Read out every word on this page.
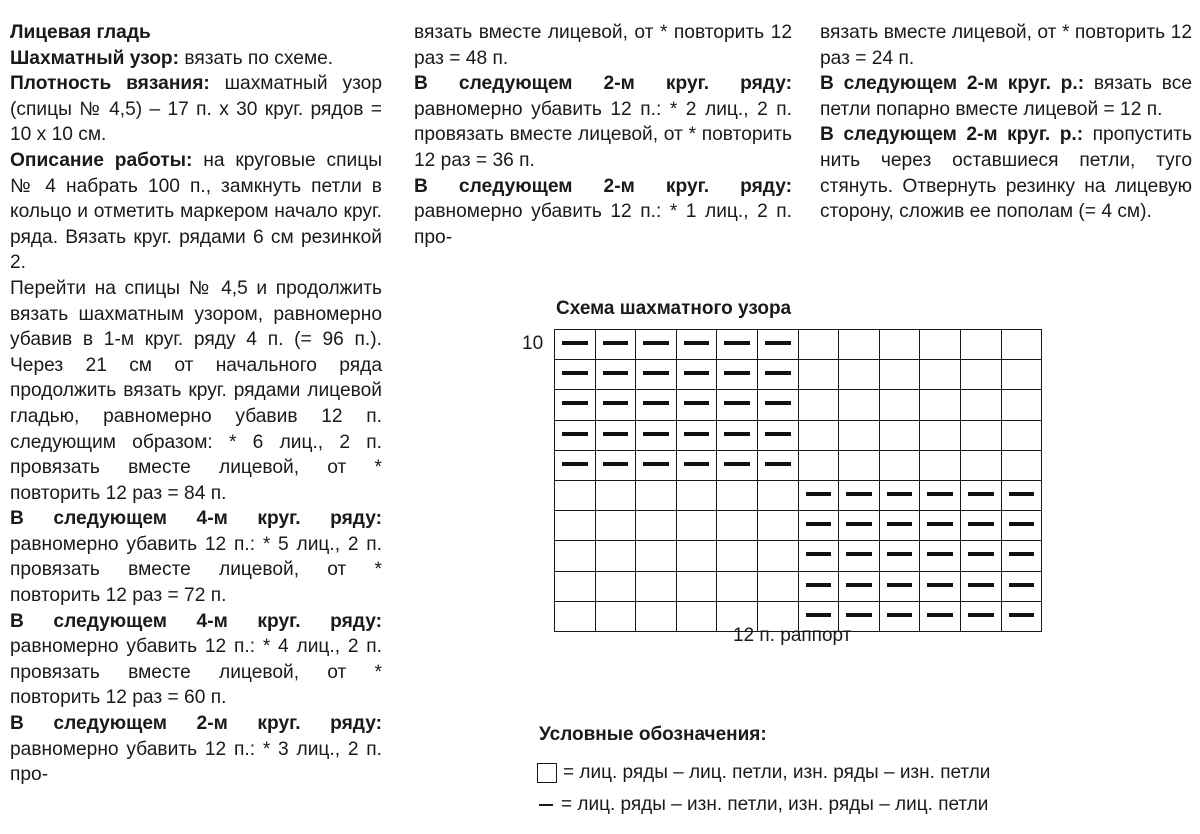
Лицевая гладь

Шахматный узор: вязать по схеме.

Плотность вязания: шахматный узор (спицы № 4,5) – 17 п. х 30 круг. рядов = 10 х 10 см.

Описание работы: на круговые спицы № 4 набрать 100 п., замкнуть петли в кольцо и отметить маркером начало круг. ряда. Вязать круг. рядами 6 см резинкой 2.

Перейти на спицы № 4,5 и продолжить вязать шахматным узором, равномерно убавив в 1-м круг. ряду 4 п. (= 96 п.). Через 21 см от начального ряда продолжить вязать круг. рядами лицевой гладью, равномерно убавив 12 п. следующим образом: * 6 лиц., 2 п. провязать вместе лицевой, от * повторить 12 раз = 84 п.

В следующем 4-м круг. ряду: равномерно убавить 12 п.: * 5 лиц., 2 п. провязать вместе лицевой, от * повторить 12 раз = 72 п.

В следующем 4-м круг. ряду: равномерно убавить 12 п.: * 4 лиц., 2 п. провязать вместе лицевой, от * повторить 12 раз = 60 п.

В следующем 2-м круг. ряду: равномерно убавить 12 п.: * 3 лиц., 2 п. про-

вязать вместе лицевой, от * повторить 12 раз = 48 п.

В следующем 2-м круг. ряду: равномерно убавить 12 п.: * 2 лиц., 2 п. провязать вместе лицевой, от * повторить 12 раз = 36 п.

В следующем 2-м круг. ряду: равномерно убавить 12 п.: * 1 лиц., 2 п. про-

вязать вместе лицевой, от * повторить 12 раз = 24 п.

В следующем 2-м круг. р.: вязать все петли попарно вместе лицевой = 12 п.

В следующем 2-м круг. р.: пропустить нить через оставшиеся петли, туго стянуть. Отвернуть резинку на лицевую сторону, сложив ее пополам (= 4 см).

Схема шахматного узора
10
12 п. раппорт
Условные обозначения:
= лиц. ряды – лиц. петли, изн. ряды – изн. петли
= лиц. ряды – изн. петли, изн. ряды – лиц. петли
